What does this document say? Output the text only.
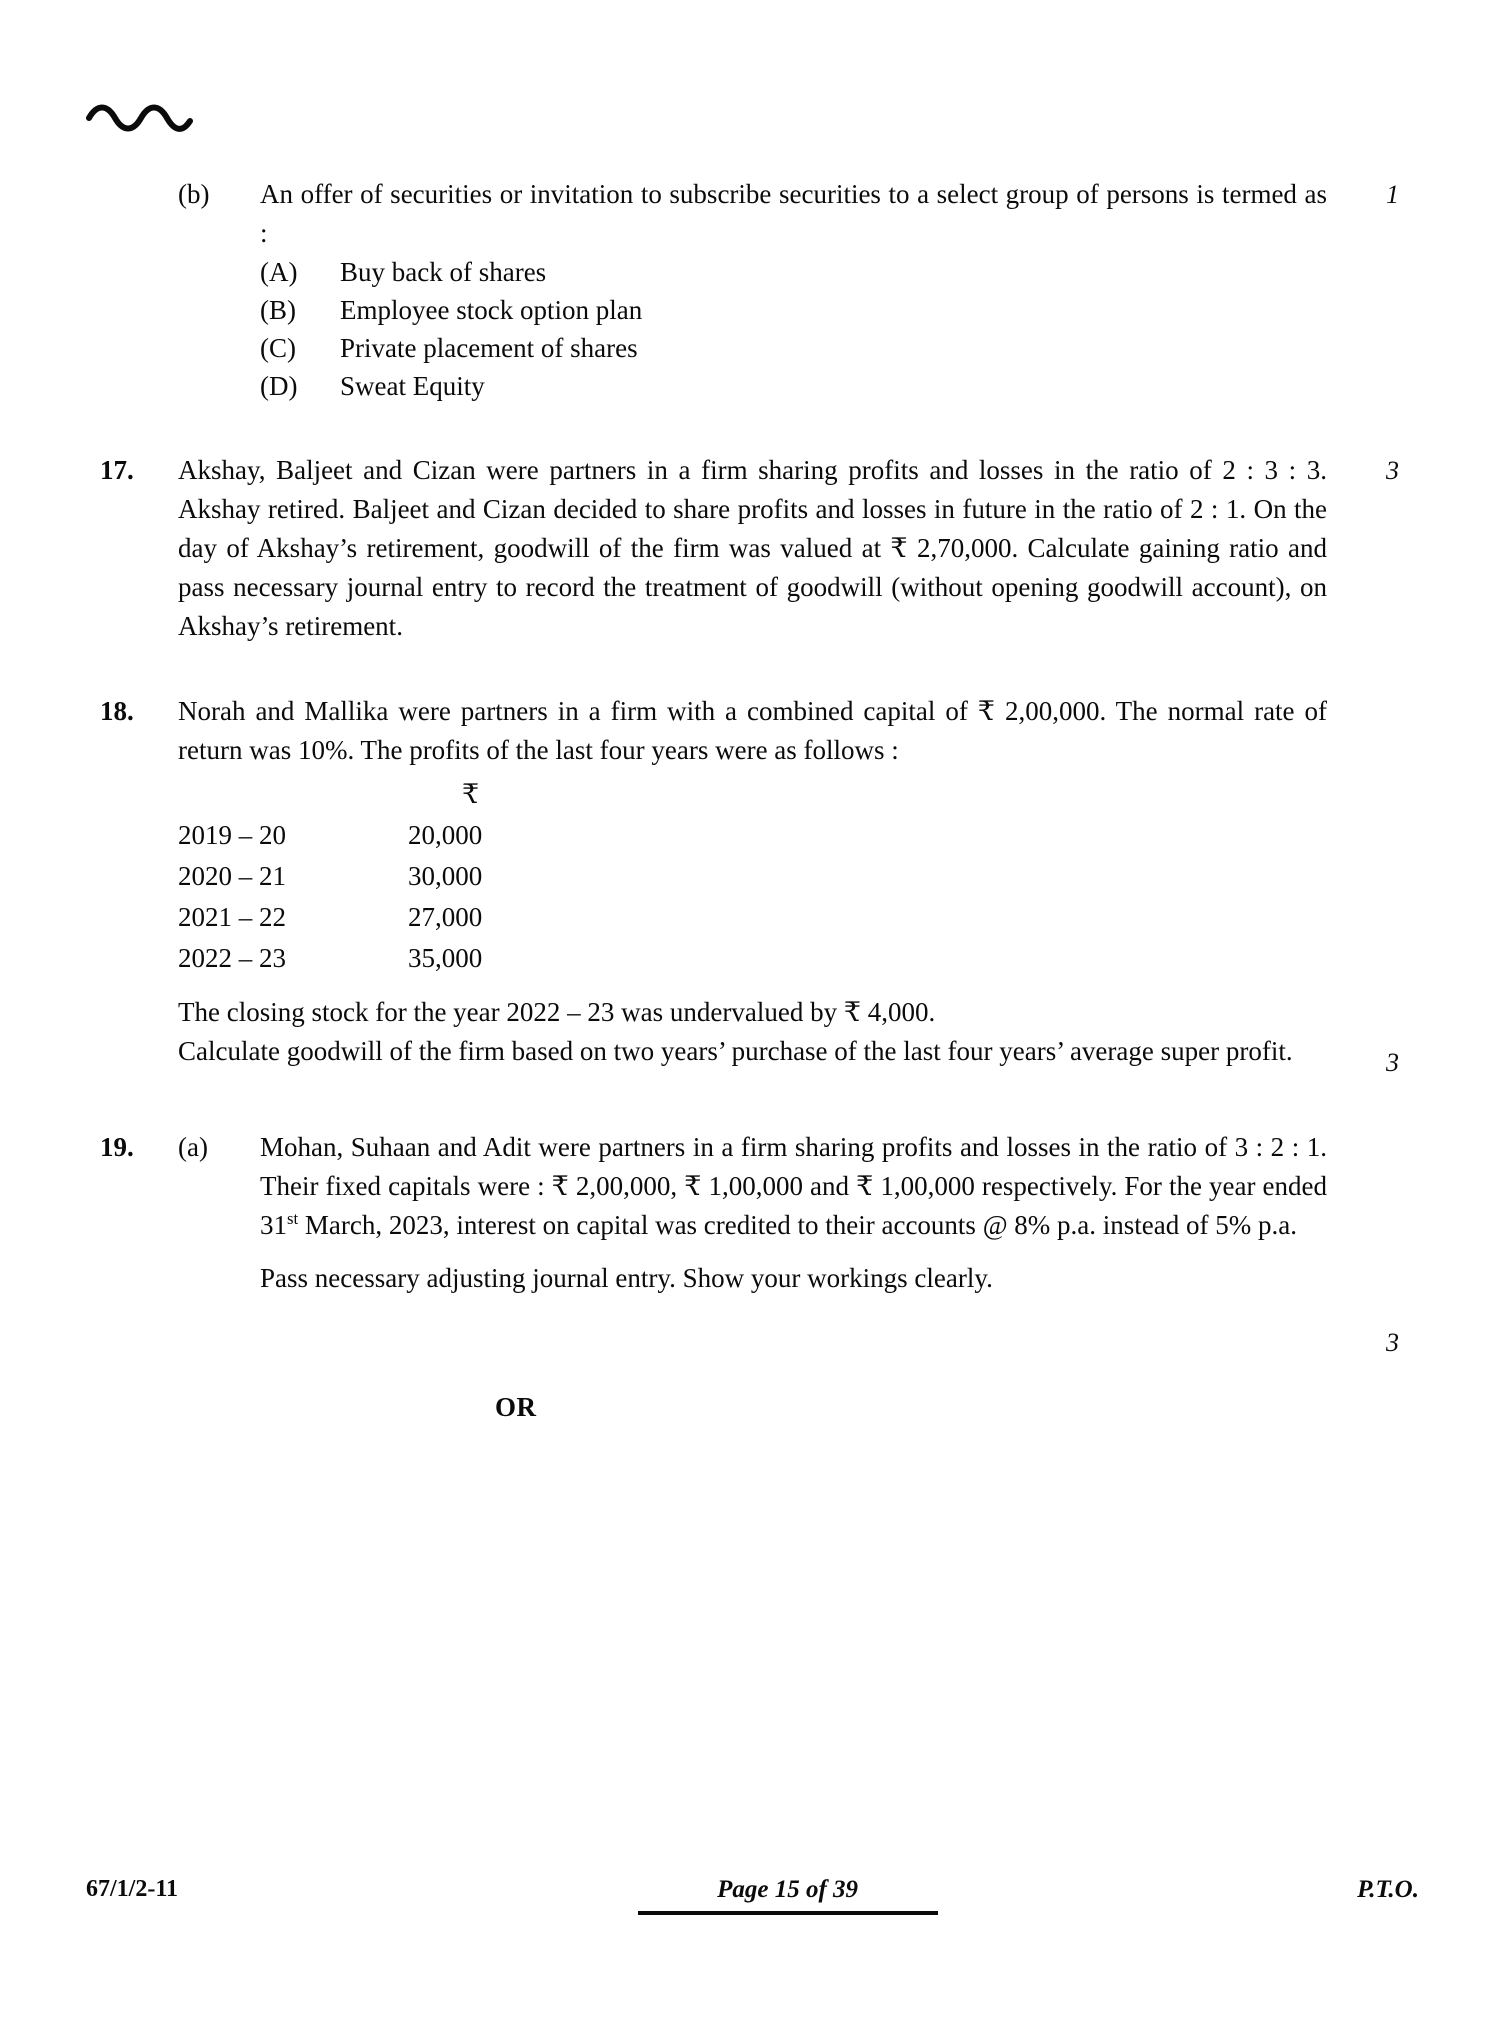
(b)	An offer of securities or invitation to subscribe securities to a select group of persons is termed as :

1

(A)	Buy back of shares
(B)	Employee stock option plan
(C)	Private placement of shares
(D)	Sweat Equity
17.	Akshay, Baljeet and Cizan were partners in a firm sharing profits and losses in the ratio of 2 : 3 : 3. Akshay retired. Baljeet and Cizan decided to share profits and losses in future in the ratio of 2 : 1. On the day of Akshay’s retirement, goodwill of the firm was valued at ₹ 2,70,000. Calculate gaining ratio and pass necessary journal entry to record the treatment of goodwill (without opening goodwill account), on Akshay’s retirement.
3
18.	Norah and Mallika were partners in a firm with a combined capital of ₹ 2,00,000. The normal rate of return was 10%. The profits of the last four years were as follows :

	₹
2019 – 20	20,000
2020 – 21	30,000
2021 – 22	27,000
2022 – 23	35,000

The closing stock for the year 2022 – 23 was undervalued by ₹ 4,000.

Calculate goodwill of the firm based on two years’ purchase of the last four years’ average super profit.	3
19.	(a)	Mohan, Suhaan and Adit were partners in a firm sharing profits and losses in the ratio of 3 : 2 : 1. Their fixed capitals were : ₹ 2,00,000, ₹ 1,00,000 and ₹ 1,00,000 respectively. For the year ended 31st March, 2023, interest on capital was credited to their accounts @ 8% p.a. instead of 5% p.a.

Pass necessary adjusting journal entry. Show your workings clearly.

3
OR
67/1/2-11	Page 15 of 39	P.T.O.
